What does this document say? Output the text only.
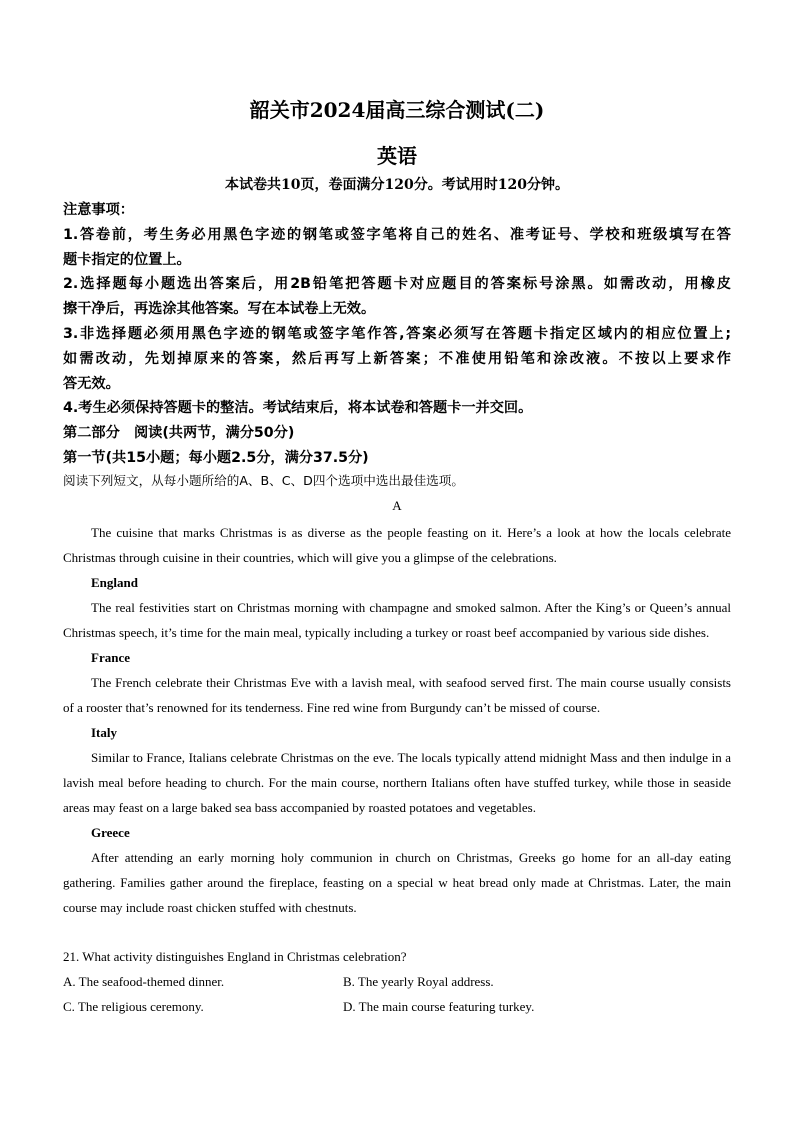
韶关市2024届高三综合测试(二)
英语
本试卷共10页，卷面满分120分。考试用时120分钟。
注意事项：
1.答卷前，考生务必用黑色字迹的钢笔或签字笔将自己的姓名、准考证号、学校和班级填写在答
题卡指定的位置上。
2.选择题每小题选出答案后，用2B铅笔把答题卡对应题目的答案标号涂黑。如需改动，用橡皮
擦干净后，再选涂其他答案。写在本试卷上无效。
3.非选择题必须用黑色字迹的钢笔或签字笔作答,答案必须写在答题卡指定区域内的相应位置上;
如需改动，先划掉原来的答案，然后再写上新答案；不准使用铅笔和涂改液。不按以上要求作
答无效。
4.考生必须保持答题卡的整洁。考试结束后，将本试卷和答题卡一并交回。
第二部分　阅读(共两节，满分50分)
第一节(共15小题；每小题2.5分，满分37.5分)
阅读下列短文，从每小题所给的A、B、C、D四个选项中选出最佳选项。
A

The cuisine that marks Christmas is as diverse as the people feasting on it. Here’s a look at how the locals celebrate Christmas through cuisine in their countries, which will give you a glimpse of the celebrations.

England

The real festivities start on Christmas morning with champagne and smoked salmon. After the King’s or Queen’s annual Christmas speech, it’s time for the main meal, typically including a turkey or roast beef accompanied by various side dishes.

France

The French celebrate their Christmas Eve with a lavish meal, with seafood served first. The main course usually consists of a rooster that’s renowned for its tenderness. Fine red wine from Burgundy can’t be missed of course.

Italy

Similar to France, Italians celebrate Christmas on the eve. The locals typically attend midnight Mass and then indulge in a lavish meal before heading to church. For the main course, northern Italians often have stuffed turkey, while those in seaside areas may feast on a large baked sea bass accompanied by roasted potatoes and vegetables.

Greece

After attending an early morning holy communion in church on Christmas, Greeks go home for an all-day eating gathering. Families gather around the fireplace, feasting on a special w heat bread only made at Christmas. Later, the main course may include roast chicken stuffed with chestnuts.

21. What activity distinguishes England in Christmas celebration?
A. The seafood-themed dinner.	B. The yearly Royal address.
C. The religious ceremony.	D. The main course featuring turkey.
